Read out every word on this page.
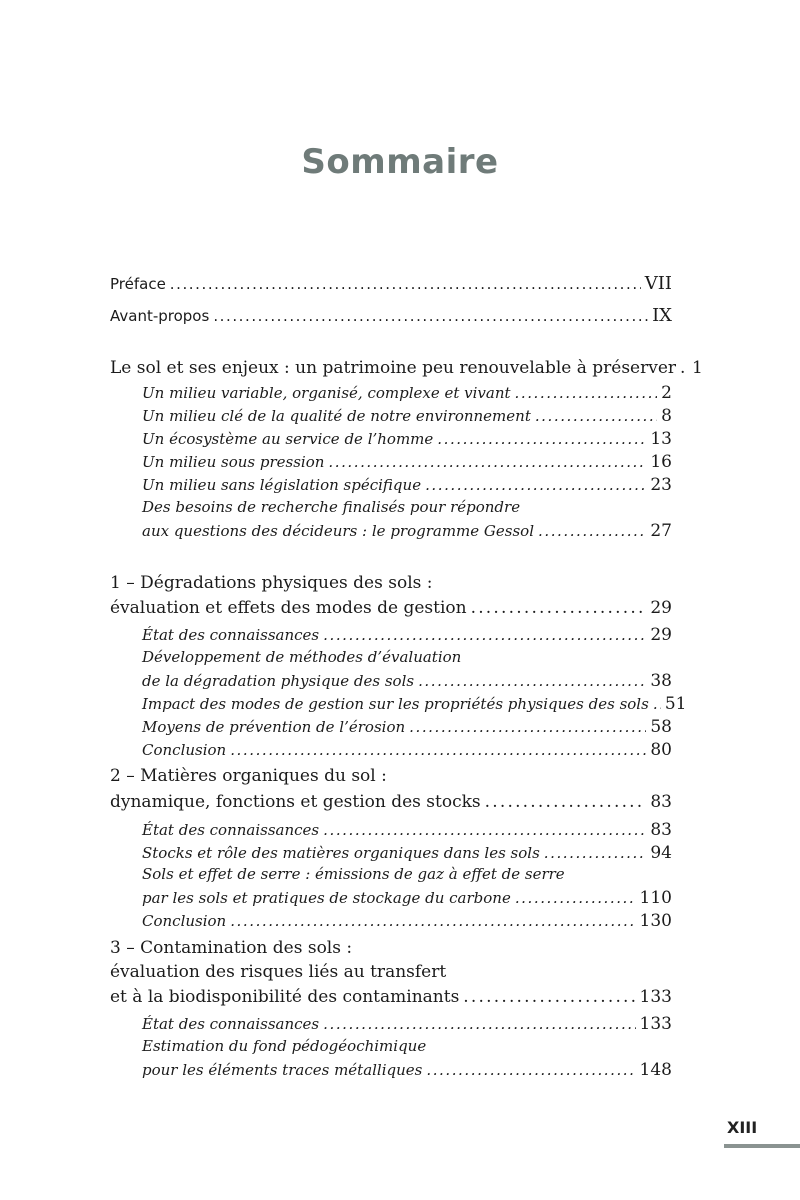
Sommaire
Préface . . .	VII
Avant-propos . . .	IX
Le sol et ses enjeux : un patrimoine peu renouvelable à préserver . . . 1
Un milieu variable, organisé, complexe et vivant . . .	2
Un milieu clé de la qualité de notre environnement . . .	8
Un écosystème au service de l’homme . . .	13
Un milieu sous pression . . .	16
Un milieu sans législation spécifique . . .	23
Des besoins de recherche finalisés pour répondre
aux questions des décideurs : le programme Gessol . . .	27
1 – Dégradations physiques des sols :
évaluation et effets des modes de gestion . . .	29
État des connaissances . . .	29
Développement de méthodes d’évaluation
de la dégradation physique des sols . . .	38
Impact des modes de gestion sur les propriétés physiques des sols . . . 51
Moyens de prévention de l’érosion . . .	58
Conclusion . . .	80
2 – Matières organiques du sol :
dynamique, fonctions et gestion des stocks . . .	83
État des connaissances . . .	83
Stocks et rôle des matières organiques dans les sols . . .	94
Sols et effet de serre : émissions de gaz à effet de serre
par les sols et pratiques de stockage du carbone . . .	110
Conclusion . . .	130
3 – Contamination des sols :
évaluation des risques liés au transfert
et à la biodisponibilité des contaminants . . .	133
État des connaissances . . .	133
Estimation du fond pédogéochimique
pour les éléments traces métalliques . . .	148
XIII
